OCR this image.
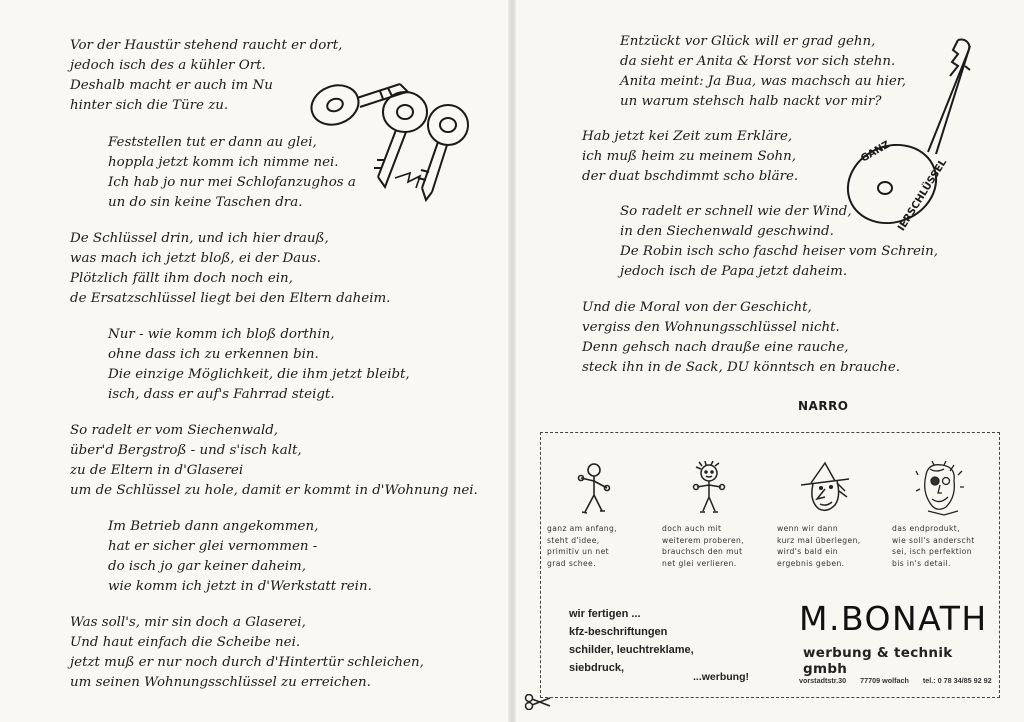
Vor der Haustür stehend raucht er dort,
jedoch isch des a kühler Ort.
Deshalb macht er auch im Nu
hinter sich die Türe zu.
Feststellen tut er dann au glei,
hoppla jetzt komm ich nimme nei.
Ich hab jo nur mei Schlofanzughos a
un do sin keine Taschen dra.
De Schlüssel drin, und ich hier drauß,
was mach ich jetzt bloß, ei der Daus.
Plötzlich fällt ihm doch noch ein,
de Ersatzschlüssel liegt bei den Eltern daheim.
Nur - wie komm ich bloß dorthin,
ohne dass ich zu erkennen bin.
Die einzige Möglichkeit, die ihm jetzt bleibt,
isch, dass er auf's Fahrrad steigt.
So radelt er vom Siechenwald,
über'd Bergstroß - und s'isch kalt,
zu de Eltern in d'Glaserei
um de Schlüssel zu hole, damit er kommt in d'Wohnung nei.
Im Betrieb dann angekommen,
hat er sicher glei vernommen -
do isch jo gar keiner daheim,
wie komm ich jetzt in d'Werkstatt rein.
Was soll's, mir sin doch a Glaserei,
Und haut einfach die Scheibe nei.
jetzt muß er nur noch durch d'Hintertür schleichen,
um seinen Wohnungsschlüssel zu erreichen.
Entzückt vor Glück will er grad gehn,
da sieht er Anita & Horst vor sich stehn.
Anita meint: Ja Bua, was machsch au hier,
un warum stehsch halb nackt vor mir?
Hab jetzt kei Zeit zum Erkläre,
ich muß heim zu meinem Sohn,
der duat bschdimmt scho bläre.
So radelt er schnell wie der Wind,
in den Siechenwald geschwind.
De Robin isch scho faschd heiser vom Schrein,
jedoch isch de Papa jetzt daheim.
Und die Moral von der Geschicht,
vergiss den Wohnungsschlüssel nicht.
Denn gehsch nach drauße eine rauche,
steck ihn in de Sack, DU könntsch en brauche.
NARRO
GANZ
IERSCHLÜSSEL
ganz am anfang,
steht d'idee,
primitiv un net
grad schee.
doch auch mit
weiterem proberen,
brauchsch den mut
net glei verlieren.
wenn wir dann
kurz mal überlegen,
wird's bald ein
ergebnis geben.
das endprodukt,
wie soll's anderscht
sei, isch perfektion
bis in's detail.
wir fertigen ...
kfz-beschriftungen
schilder, leuchtreklame,
siebdruck,
...werbung!
M.BONATH
werbung & technik gmbh
vorstadtstr.30 77709 wolfach tel.: 0 78 34/85 92 92
